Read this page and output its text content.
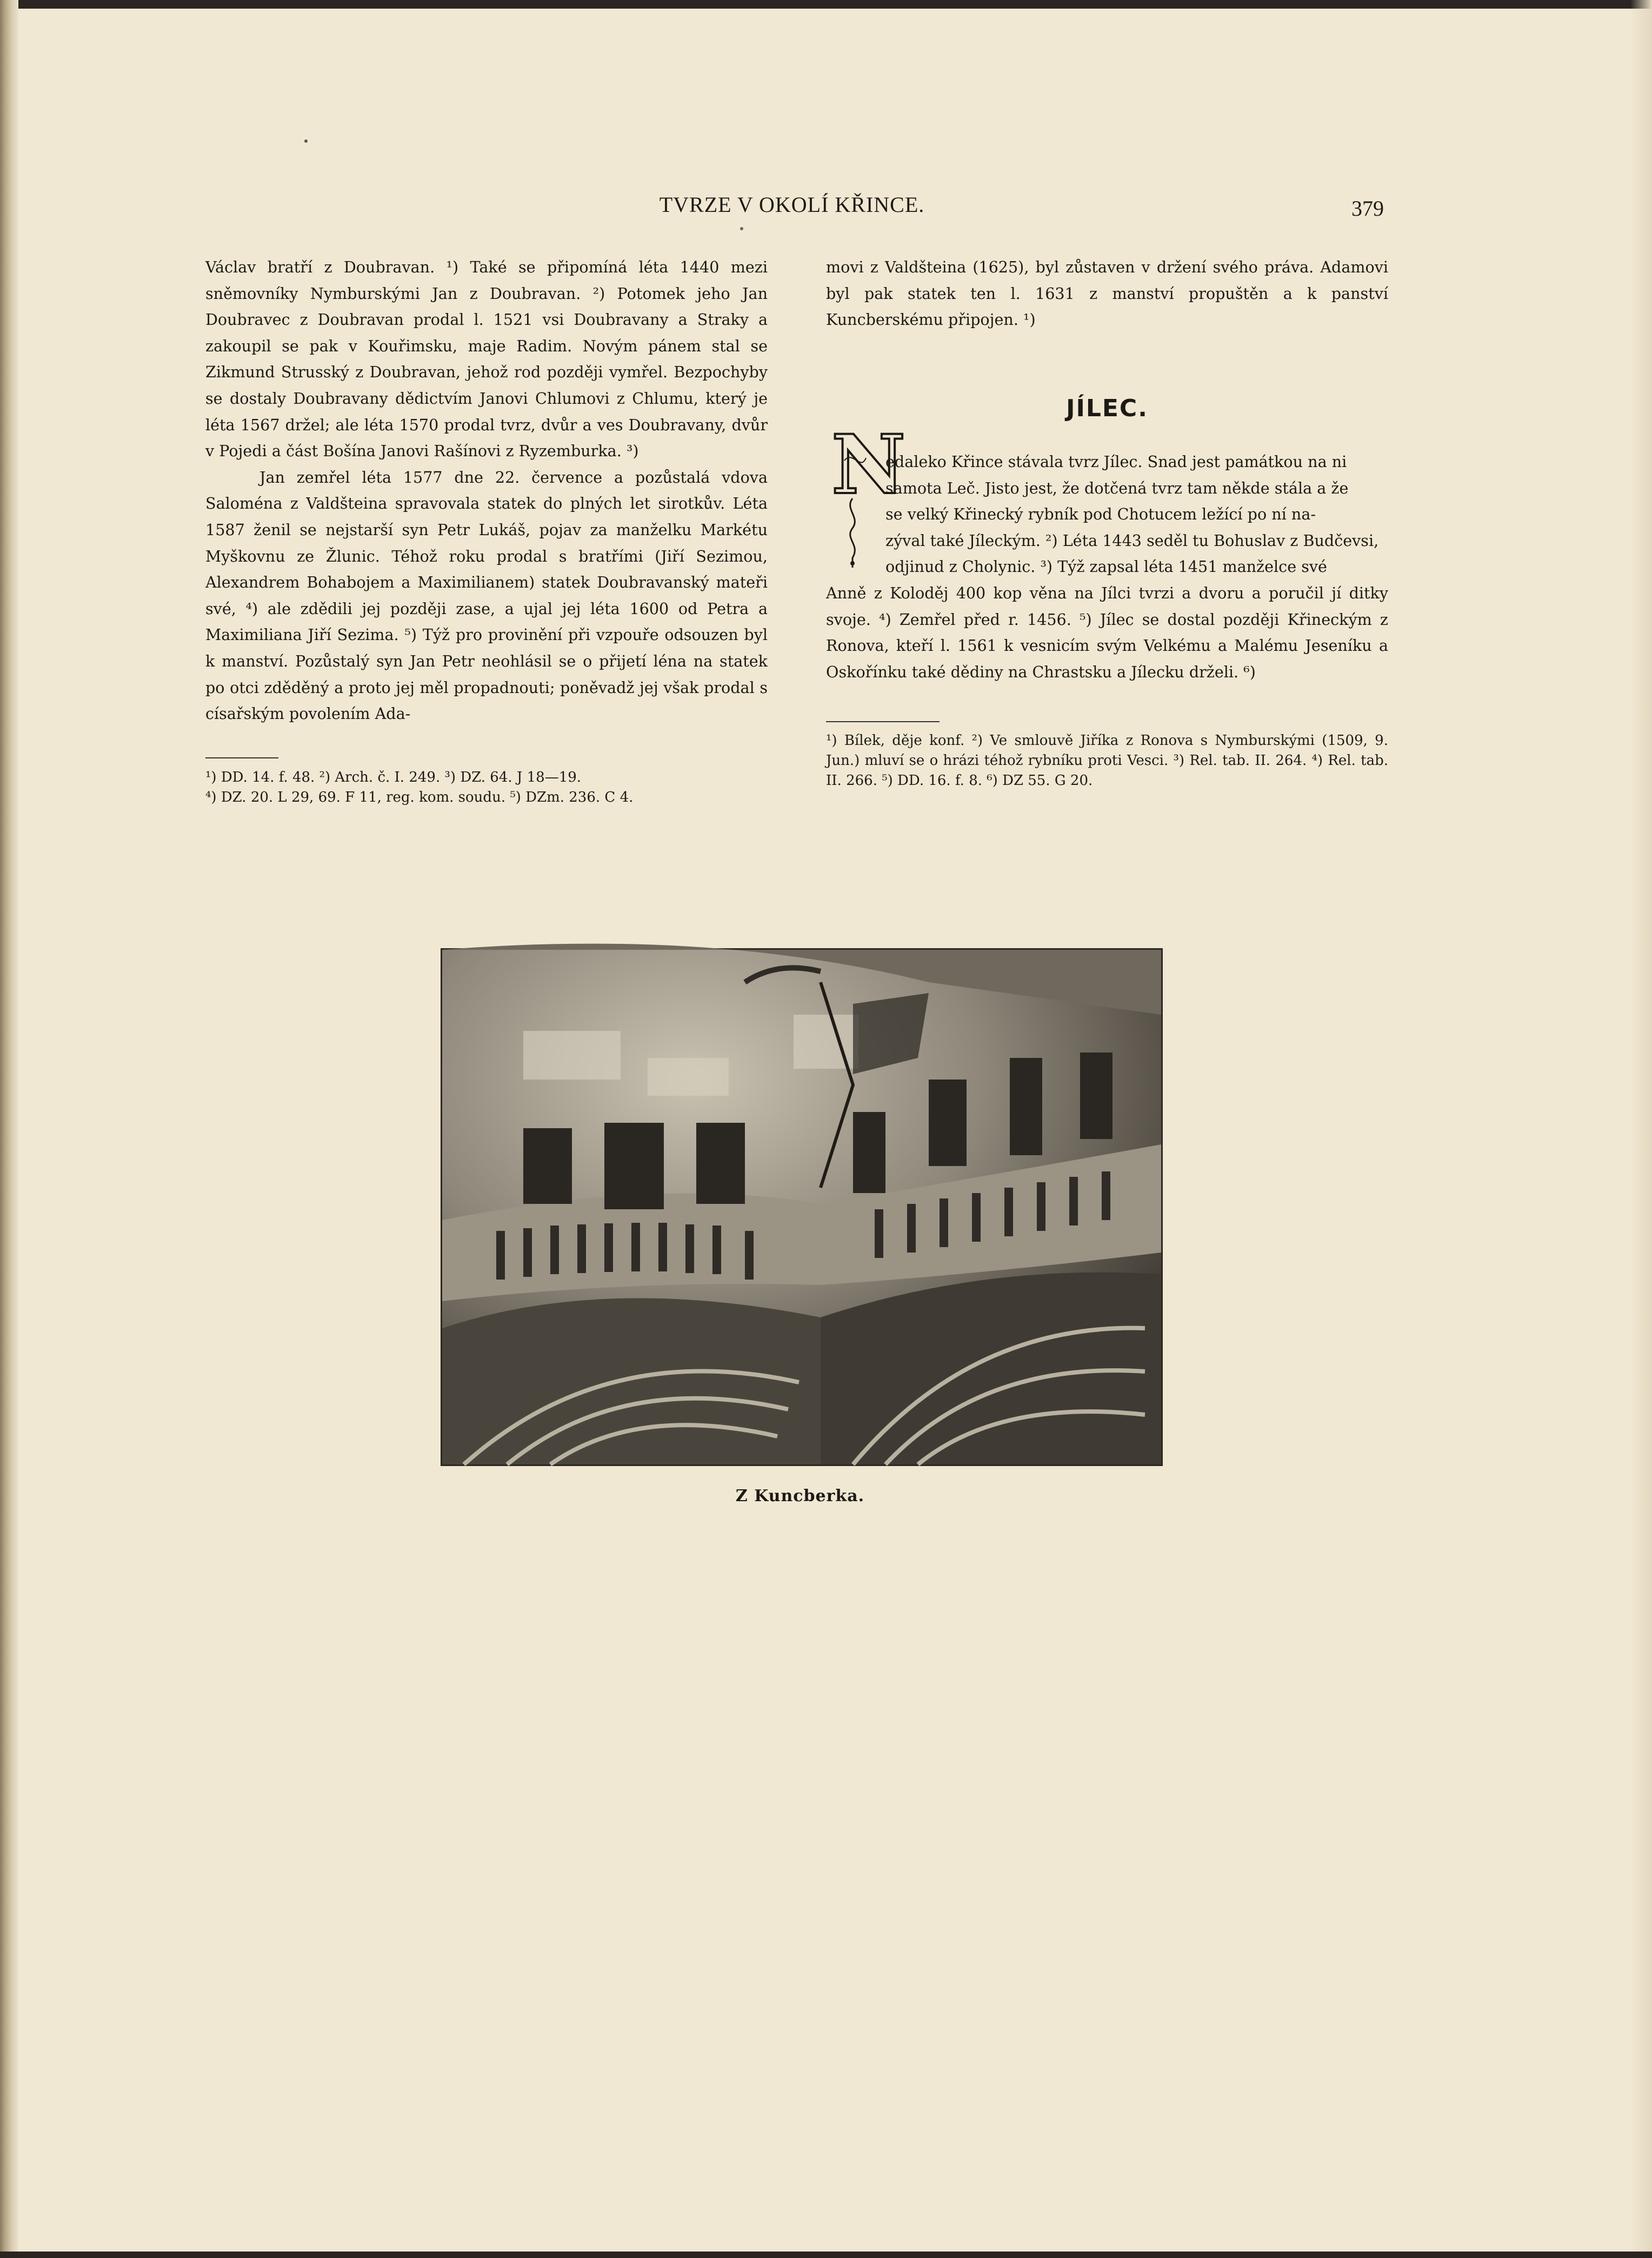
TVRZE V OKOLÍ KŘINCE.	379

Václav bratří z Doubravan. ¹) Také se připomíná léta 1440 mezi sněmovníky Nymburskými Jan z Doubravan. ²) Potomek jeho Jan Doubravec z Doubravan prodal l. 1521 vsi Doubravany a Straky a zakoupil se pak v Kouřimsku, maje Radim. Novým pánem stal se Zikmund Strusský z Doubravan, jehož rod později vymřel. Bezpochyby se dostaly Doubravany dědictvím Janovi Chlumovi z Chlumu, který je léta 1567 držel; ale léta 1570 prodal tvrz, dvůr a ves Doubravany, dvůr v Pojedi a část Bošína Janovi Rašínovi z Ryzemburka. ³)

Jan zemřel léta 1577 dne 22. července a pozůstalá vdova Saloména z Valdšteina spravovala statek do plných let sirotkův. Léta 1587 ženil se nejstarší syn Petr Lukáš, pojav za manželku Markétu Myškovnu ze Žlunic. Téhož roku prodal s bratřími (Jiří Sezimou, Alexandrem Bohabojem a Maximilianem) statek Doubravanský mateři své, ⁴) ale zdědili jej později zase, a ujal jej léta 1600 od Petra a Maximiliana Jiří Sezima. ⁵) Týž pro provinění při vzpouře odsouzen byl k manství. Pozůstalý syn Jan Petr neohlásil se o přijetí léna na statek po otci zděděný a proto jej měl propadnouti; poněvadž jej však prodal s císařským povolením Ada-

¹) DD. 14. f. 48. ²) Arch. č. I. 249. ³) DZ. 64. J 18—19.
⁴) DZ. 20. L 29, 69. F 11, reg. kom. soudu. ⁵) DZm. 236. C 4.
movi z Valdšteina (1625), byl zůstaven v držení svého práva. Adamovi byl pak statek ten l. 1631 z manství propuštěn a k panství Kuncberskému připojen. ¹)
JÍLEC.
N
edaleko Křince stávala tvrz Jílec. Snad jest památkou na ni
samota Leč. Jisto jest, že dotčená tvrz tam někde stála a že
se velký Křinecký rybník pod Chotucem ležící po ní na-
zýval také Jíleckým. ²) Léta 1443 seděl tu Bohuslav z Budčevsi,
odjinud z Cholynic. ³) Týž zapsal léta 1451 manželce své
Anně z Koloděj 400 kop věna na Jílci tvrzi a dvoru a poručil jí ditky svoje. ⁴) Zemřel před r. 1456. ⁵) Jílec se dostal později Křineckým z Ronova, kteří l. 1561 k vesnicím svým Velkému a Malému Jeseníku a Oskořínku také dědiny na Chrastsku a Jílecku drželi. ⁶)
¹) Bílek, děje konf. ²) Ve smlouvě Jiříka z Ronova s Nymburskými (1509, 9. Jun.) mluví se o hrázi téhož rybníku proti Vesci. ³) Rel. tab. II. 264. ⁴) Rel. tab. II. 266. ⁵) DD. 16. f. 8. ⁶) DZ 55. G 20.
Z Kuncberka.
